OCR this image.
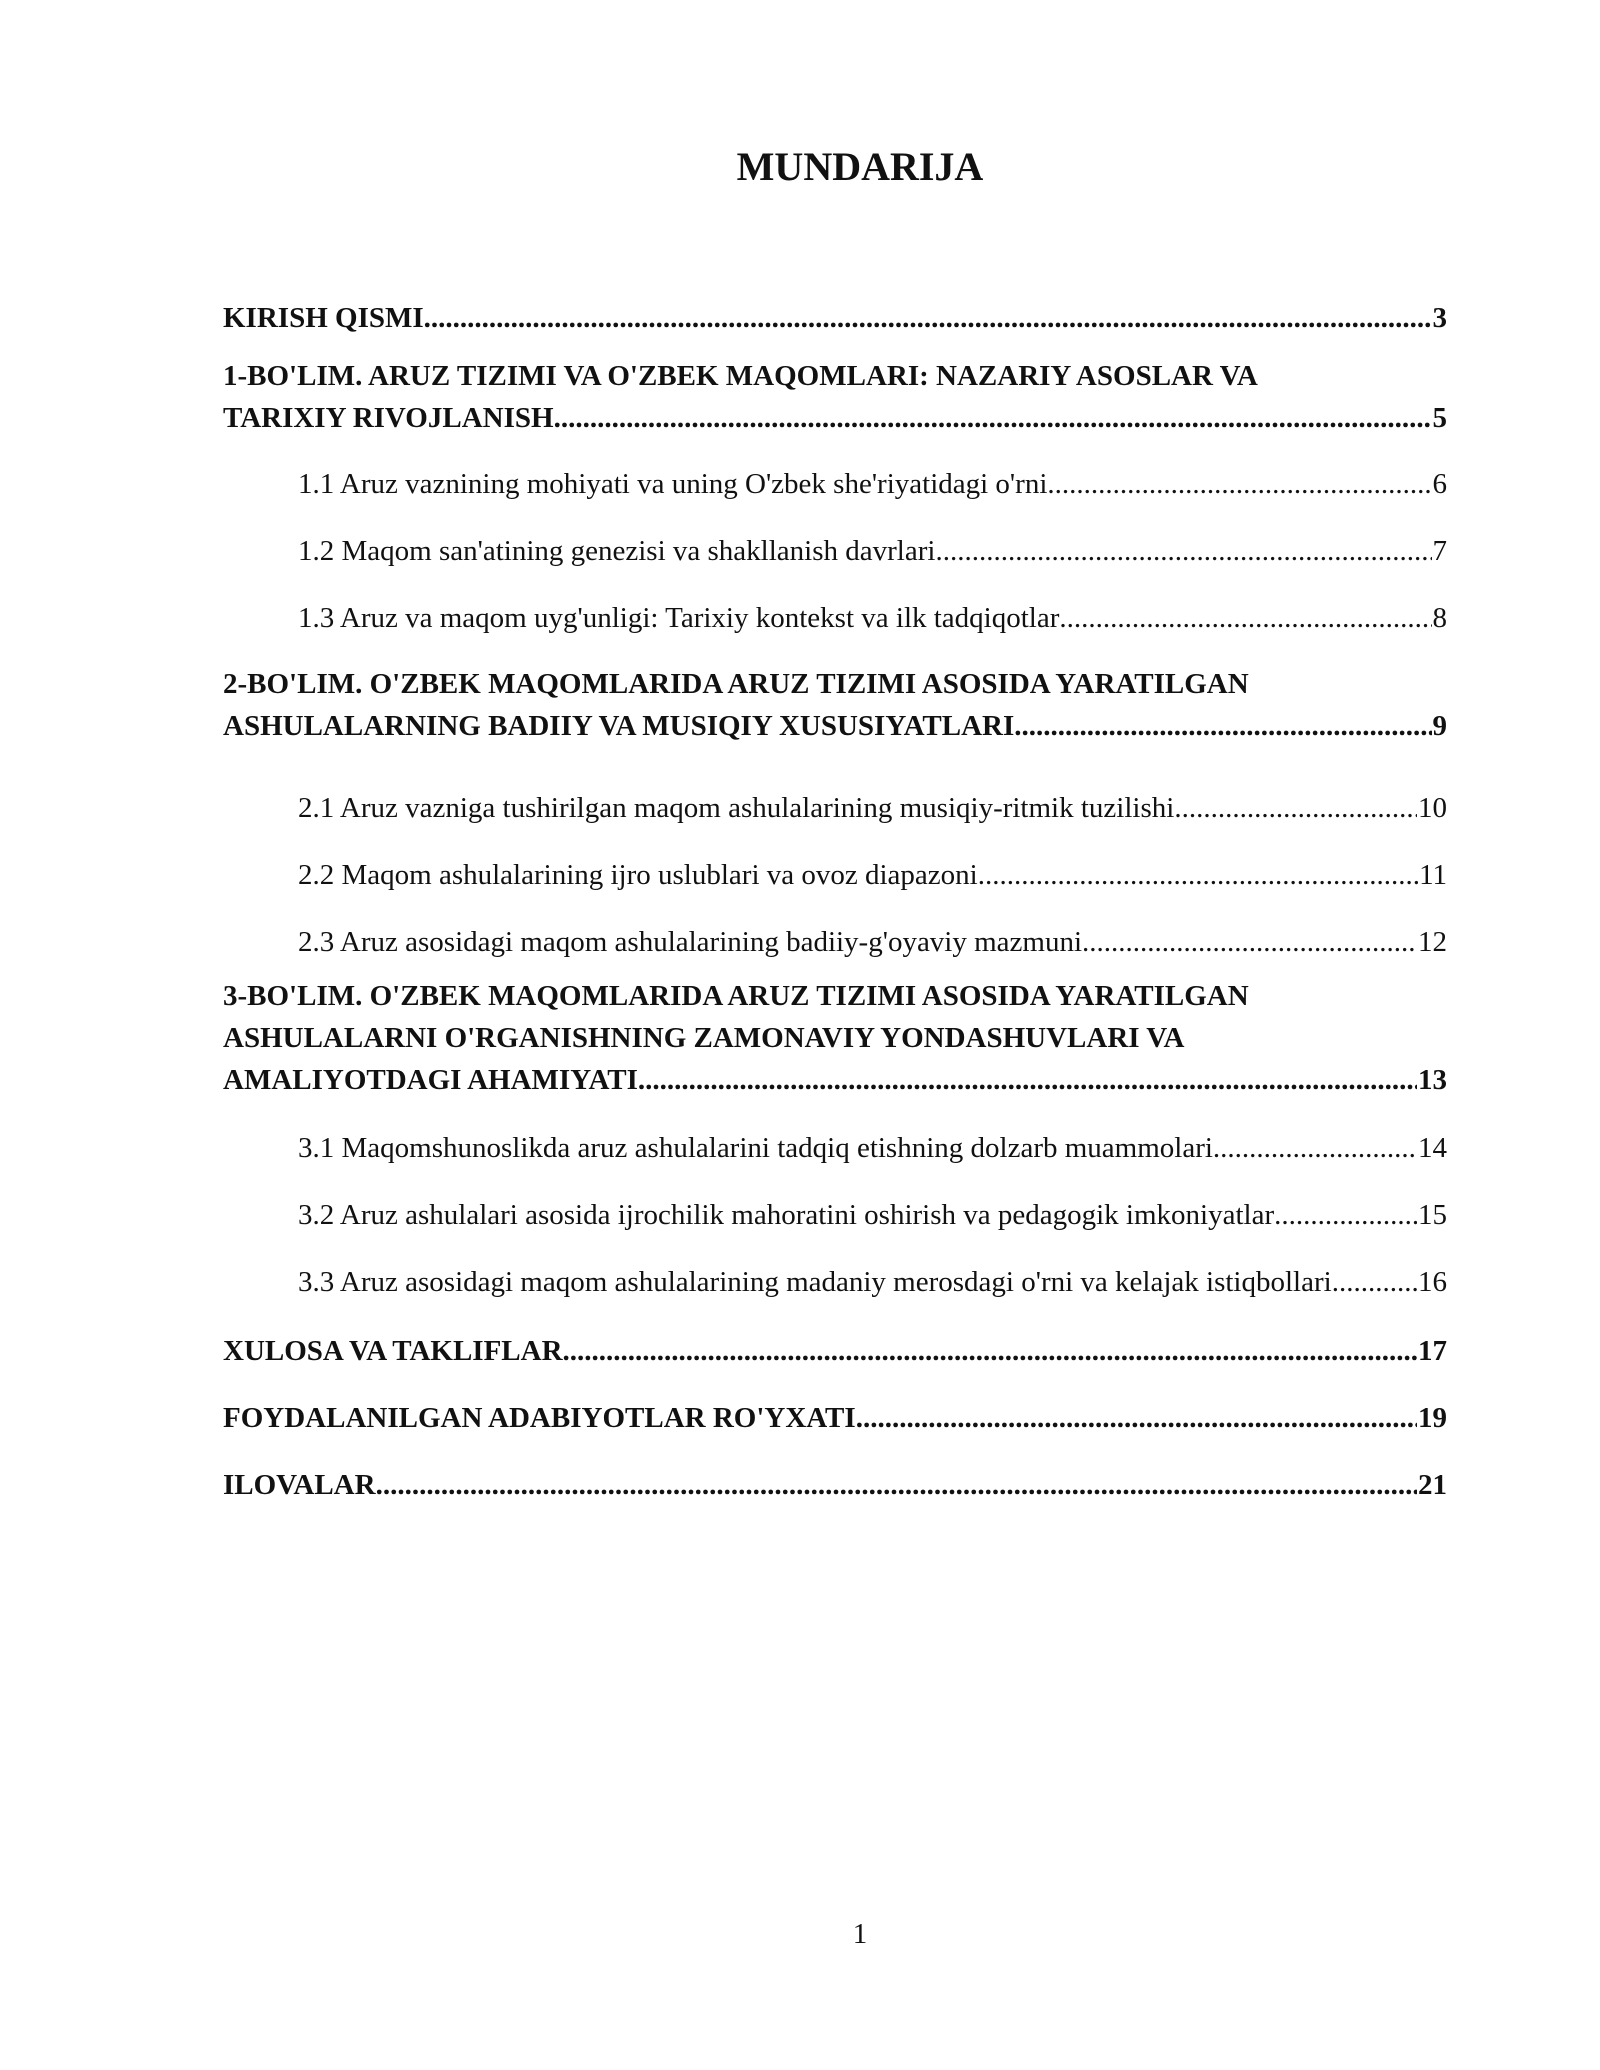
MUNDARIJA
KIRISH QISMI .....	3
1-BO'LIM. ARUZ TIZIMI VA O'ZBEK MAQOMLARI: NAZARIY ASOSLAR VA
TARIXIY RIVOJLANISH .....	5
1.1 Aruz vaznining mohiyati va uning O'zbek she'riyatidagi o'rni .....	6
1.2 Maqom san'atining genezisi va shakllanish davrlari .....	7
1.3 Aruz va maqom uyg'unligi: Tarixiy kontekst va ilk tadqiqotlar .....	8
2-BO'LIM. O'ZBEK MAQOMLARIDA ARUZ TIZIMI ASOSIDA YARATILGAN
ASHULALARNING BADIIY VA MUSIQIY XUSUSIYATLARI .....	9
2.1 Aruz vazniga tushirilgan maqom ashulalarining musiqiy-ritmik tuzilishi .....	10
2.2 Maqom ashulalarining ijro uslublari va ovoz diapazoni .....	11
2.3 Aruz asosidagi maqom ashulalarining badiiy-g'oyaviy mazmuni .....	12
3-BO'LIM. O'ZBEK MAQOMLARIDA ARUZ TIZIMI ASOSIDA YARATILGAN
ASHULALARNI O'RGANISHNING ZAMONAVIY YONDASHUVLARI VA
AMALIYOTDAGI AHAMIYATI .....	13
3.1 Maqomshunoslikda aruz ashulalarini tadqiq etishning dolzarb muammolari .....	14
3.2 Aruz ashulalari asosida ijrochilik mahoratini oshirish va pedagogik imkoniyatlar .....	15
3.3 Aruz asosidagi maqom ashulalarining madaniy merosdagi o'rni va kelajak istiqbollari .....	16
XULOSA VA TAKLIFLAR .....	17
FOYDALANILGAN ADABIYOTLAR RO'YXATI .....	19
ILOVALAR .....	21
1
